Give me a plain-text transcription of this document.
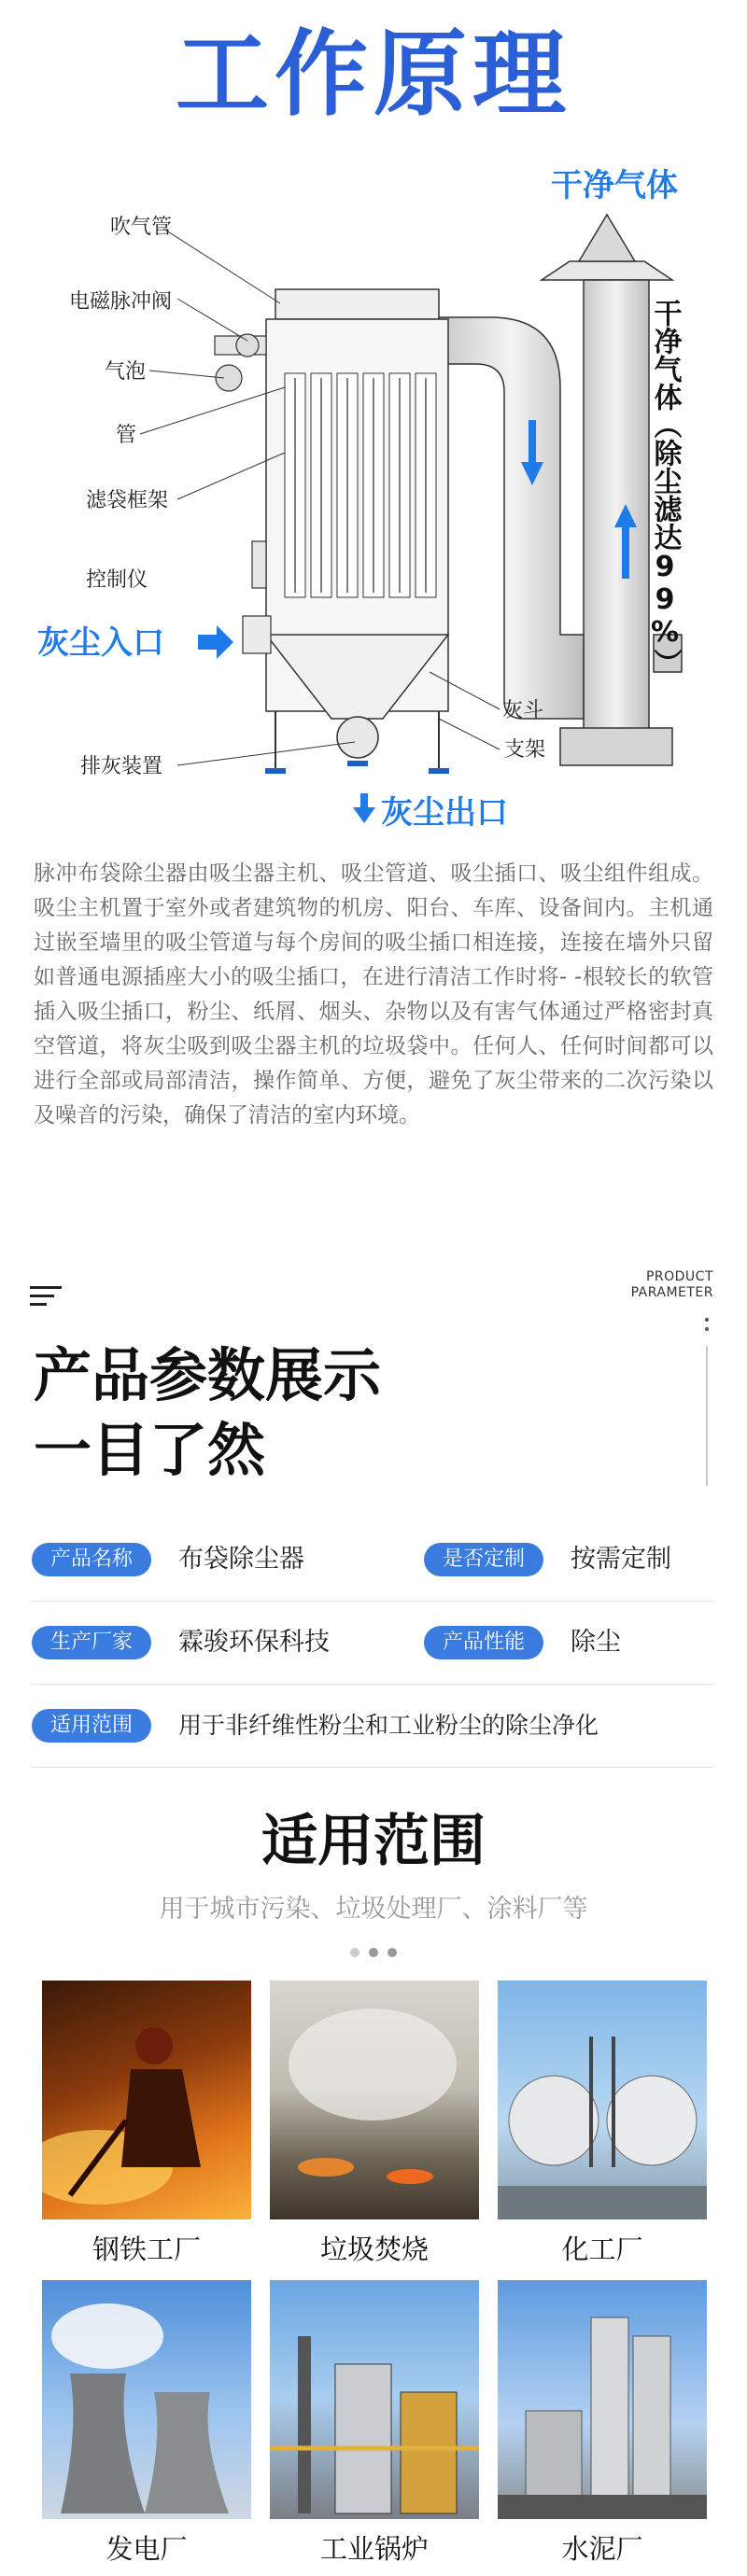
工作原理
吹气管
电磁脉冲阀
气泡
管
滤袋框架
控制仪
灰尘入口
灰斗
支架
排灰装置
灰尘出口
干净气体
干净气体（除尘滤达99%）
脉冲布袋除尘器由吸尘器主机、吸尘管道、吸尘插口、吸尘组件组成。吸尘主机置于室外或者建筑物的机房、阳台、车库、设备间内。主机通过嵌至墙里的吸尘管道与每个房间的吸尘插口相连接，连接在墙外只留如普通电源插座大小的吸尘插口，在进行清洁工作时将- -根较长的软管插入吸尘插口，粉尘、纸屑、烟头、杂物以及有害气体通过严格密封真空管道，将灰尘吸到吸尘器主机的垃圾袋中。任何人、任何时间都可以进行全部或局部清洁，操作简单、方便，避免了灰尘带来的二次污染以及噪音的污染，确保了清洁的室内环境。
PRODUCT
PARAMETER
产品参数展示
一目了然
产品名称	布袋除尘器	是否定制	按需定制
生产厂家	霖骏环保科技	产品性能	除尘
适用范围	用于非纤维性粉尘和工业粉尘的除尘净化
适用范围
用于城市污染、垃圾处理厂、涂料厂等
钢铁工厂	垃圾焚烧	化工厂
发电厂	工业锅炉	水泥厂
